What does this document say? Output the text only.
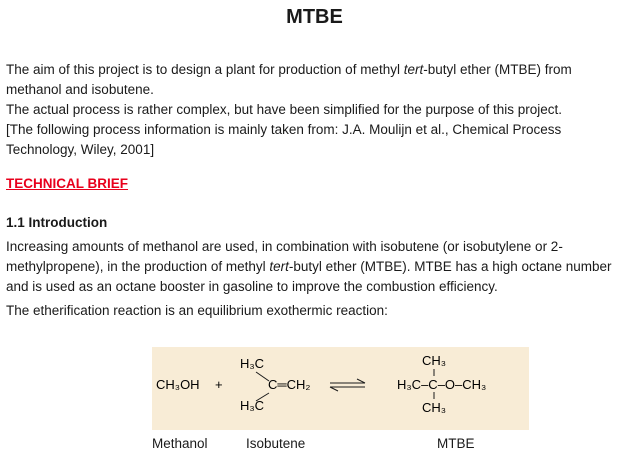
MTBE

The aim of this project is to design a plant for production of methyl tert-butyl ether (MTBE) from methanol and isobutene.
The actual process is rather complex, but have been simplified for the purpose of this project.
[The following process information is mainly taken from: J.A. Moulijn et al., Chemical Process Technology, Wiley, 2001]

TECHNICAL BRIEF
1.1 Introduction

Increasing amounts of methanol are used, in combination with isobutene (or isobutylene or 2-methylpropene), in the production of methyl tert-butyl ether (MTBE). MTBE has a high octane number and is used as an octane booster in gasoline to improve the combustion efficiency.

The etherification reaction is an equilibrium exothermic reaction:

CH₃OH +
H₃C
H₃C
C═CH₂
CH₃
H₃C–C–O–CH₃
CH₃
Methanol	Isobutene	MTBE
